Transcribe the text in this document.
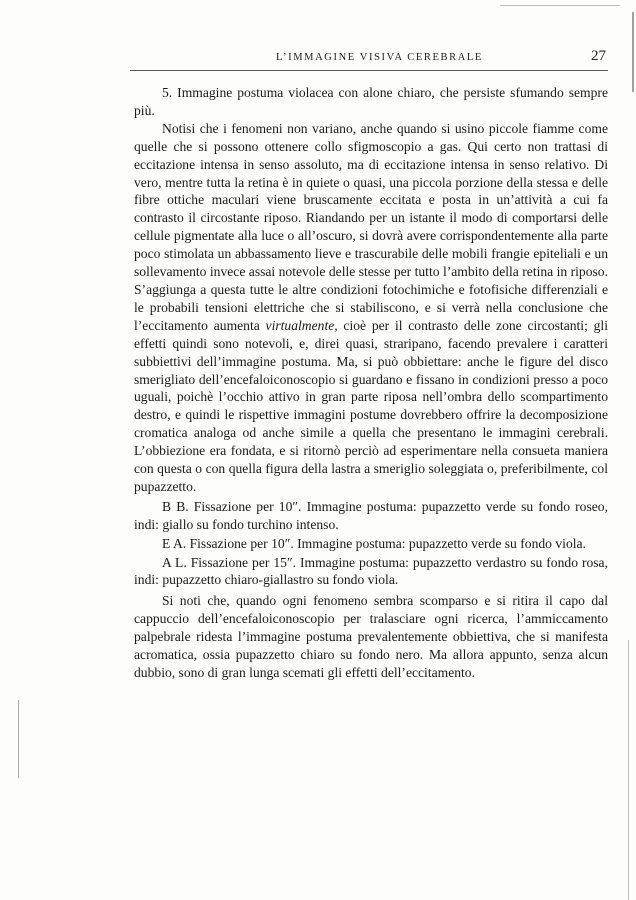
L’IMMAGINE VISIVA CEREBRALE	27

5. Immagine postuma violacea con alone chiaro, che persiste sfumando sempre più.

Notisi che i fenomeni non variano, anche quando si usino piccole fiamme come quelle che si possono ottenere collo sfigmoscopio a gas. Qui certo non trattasi di eccitazione intensa in senso assoluto, ma di eccitazione intensa in senso relativo. Di vero, mentre tutta la retina è in quiete o quasi, una piccola porzione della stessa e delle fibre ottiche maculari viene bruscamente eccitata e posta in un’attività a cui fa contrasto il circostante riposo. Riandando per un istante il modo di comportarsi delle cellule pigmentate alla luce o all’oscuro, si dovrà avere corrispondentemente alla parte poco stimolata un abbassamento lieve e trascurabile delle mobili frangie epiteliali e un sollevamento invece assai notevole delle stesse per tutto l’ambito della retina in riposo. S’aggiunga a questa tutte le altre condizioni fotochimiche e fotofisiche differenziali e le probabili tensioni elettriche che si stabiliscono, e si verrà nella conclusione che l’eccitamento aumenta virtualmente, cioè per il contrasto delle zone circostanti; gli effetti quindi sono notevoli, e, direi quasi, straripano, facendo prevalere i caratteri subbiettivi dell’immagine postuma. Ma, si può obbiettare: anche le figure del disco smerigliato dell’encefaloiconoscopio si guardano e fissano in condizioni presso a poco uguali, poichè l’occhio attivo in gran parte riposa nell’ombra dello scompartimento destro, e quindi le rispettive immagini postume dovrebbero offrire la decomposizione cromatica analoga od anche simile a quella che presentano le immagini cerebrali. L’obbiezione era fondata, e si ritornò perciò ad esperimentare nella consueta maniera con questa o con quella figura della lastra a smeriglio soleggiata o, preferibilmente, col pupazzetto.

B B. Fissazione per 10″. Immagine postuma: pupazzetto verde su fondo roseo, indi: giallo su fondo turchino intenso.

E A. Fissazione per 10″. Immagine postuma: pupazzetto verde su fondo viola.

A L. Fissazione per 15″. Immagine postuma: pupazzetto verdastro su fondo rosa, indi: pupazzetto chiaro-giallastro su fondo viola.

Si noti che, quando ogni fenomeno sembra scomparso e si ritira il capo dal cappuccio dell’encefaloiconoscopio per tralasciare ogni ricerca, l’ammiccamento palpebrale ridesta l’immagine postuma prevalentemente obbiettiva, che si manifesta acromatica, ossia pupazzetto chiaro su fondo nero. Ma allora appunto, senza alcun dubbio, sono di gran lunga scemati gli effetti dell’eccitamento.
